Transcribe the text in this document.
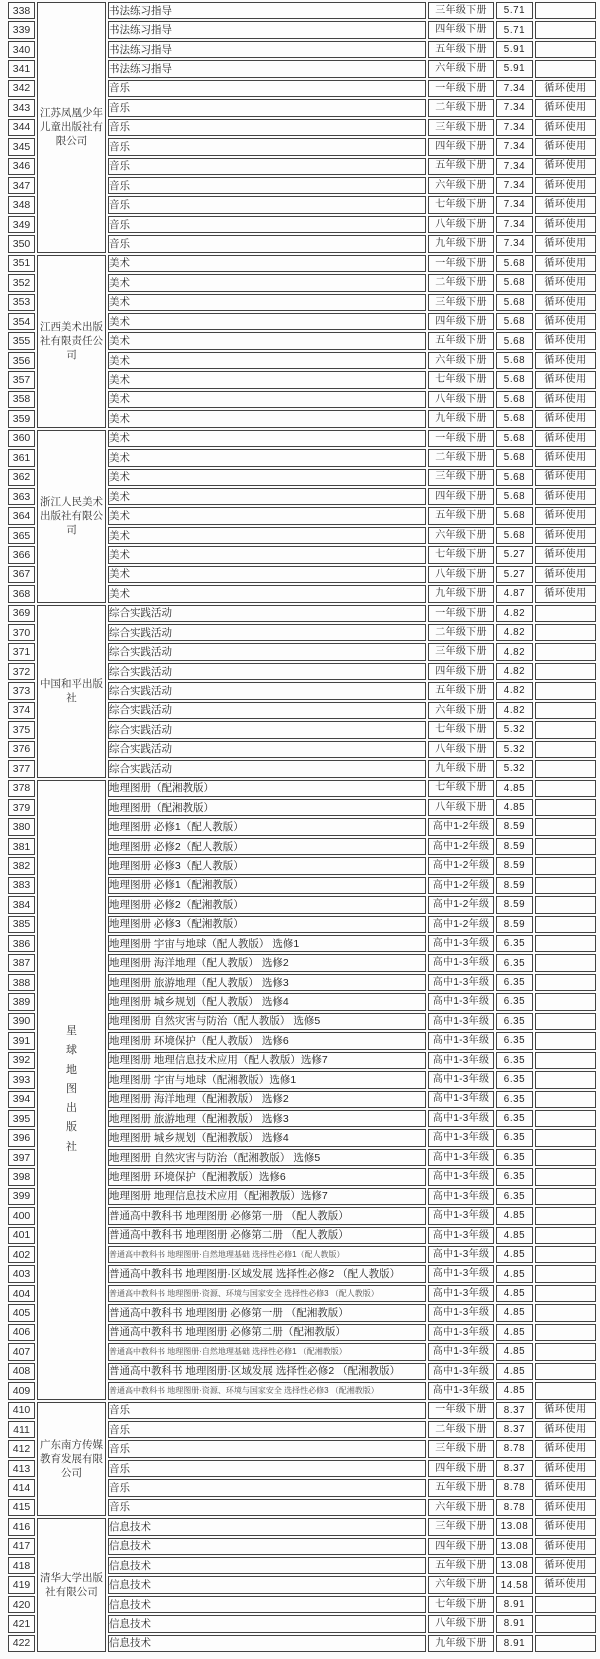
338	江苏凤凰少年儿童出版社有限公司	书法练习指导	三年级下册	5.71	
339		书法练习指导	四年级下册	5.71	
340		书法练习指导	五年级下册	5.91	
341		书法练习指导	六年级下册	5.91	
342		音乐	一年级下册	7.34	循环使用
343		音乐	二年级下册	7.34	循环使用
344		音乐	三年级下册	7.34	循环使用
345		音乐	四年级下册	7.34	循环使用
346		音乐	五年级下册	7.34	循环使用
347		音乐	六年级下册	7.34	循环使用
348		音乐	七年级下册	7.34	循环使用
349		音乐	八年级下册	7.34	循环使用
350		音乐	九年级下册	7.34	循环使用
351	江西美术出版社有限责任公司	美术	一年级下册	5.68	循环使用
352		美术	二年级下册	5.68	循环使用
353		美术	三年级下册	5.68	循环使用
354		美术	四年级下册	5.68	循环使用
355		美术	五年级下册	5.68	循环使用
356		美术	六年级下册	5.68	循环使用
357		美术	七年级下册	5.68	循环使用
358		美术	八年级下册	5.68	循环使用
359		美术	九年级下册	5.68	循环使用
360	浙江人民美术出版社有限公司	美术	一年级下册	5.68	循环使用
361		美术	二年级下册	5.68	循环使用
362		美术	三年级下册	5.68	循环使用
363		美术	四年级下册	5.68	循环使用
364		美术	五年级下册	5.68	循环使用
365		美术	六年级下册	5.68	循环使用
366		美术	七年级下册	5.27	循环使用
367		美术	八年级下册	5.27	循环使用
368		美术	九年级下册	4.87	循环使用
369	中国和平出版社	综合实践活动	一年级下册	4.82	
370		综合实践活动	二年级下册	4.82	
371		综合实践活动	三年级下册	4.82	
372		综合实践活动	四年级下册	4.82	
373		综合实践活动	五年级下册	4.82	
374		综合实践活动	六年级下册	4.82	
375		综合实践活动	七年级下册	5.32	
376		综合实践活动	八年级下册	5.32	
377		综合实践活动	九年级下册	5.32	
378	星球地图出版社	地理图册（配湘教版）	七年级下册	4.85	
379		地理图册（配湘教版）	八年级下册	4.85	
380		地理图册 必修1（配人教版）	高中1-2年级	8.59	
381		地理图册 必修2（配人教版）	高中1-2年级	8.59	
382		地理图册 必修3（配人教版）	高中1-2年级	8.59	
383		地理图册 必修1（配湘教版）	高中1-2年级	8.59	
384		地理图册 必修2（配湘教版）	高中1-2年级	8.59	
385		地理图册 必修3（配湘教版）	高中1-2年级	8.59	
386		地理图册 宇宙与地球（配人教版） 选修1	高中1-3年级	6.35	
387		地理图册 海洋地理（配人教版） 选修2	高中1-3年级	6.35	
388		地理图册 旅游地理（配人教版） 选修3	高中1-3年级	6.35	
389		地理图册 城乡规划（配人教版） 选修4	高中1-3年级	6.35	
390		地理图册 自然灾害与防治（配人教版） 选修5	高中1-3年级	6.35	
391		地理图册 环境保护（配人教版） 选修6	高中1-3年级	6.35	
392		地理图册 地理信息技术应用（配人教版）选修7	高中1-3年级	6.35	
393		地理图册 宇宙与地球（配湘教版）选修1	高中1-3年级	6.35	
394		地理图册 海洋地理（配湘教版） 选修2	高中1-3年级	6.35	
395		地理图册 旅游地理（配湘教版） 选修3	高中1-3年级	6.35	
396		地理图册 城乡规划（配湘教版） 选修4	高中1-3年级	6.35	
397		地理图册 自然灾害与防治（配湘教版） 选修5	高中1-3年级	6.35	
398		地理图册 环境保护（配湘教版）选修6	高中1-3年级	6.35	
399		地理图册 地理信息技术应用（配湘教版）选修7	高中1-3年级	6.35	
400		普通高中教科书 地理图册 必修第一册 （配人教版）	高中1-3年级	4.85	
401		普通高中教科书 地理图册 必修第二册 （配人教版）	高中1-3年级	4.85	
402		普通高中教科书 地理图册·自然地理基础 选择性必修1（配人教版）	高中1-3年级	4.85	
403		普通高中教科书 地理图册·区域发展 选择性必修2 （配人教版）	高中1-3年级	4.85	
404		普通高中教科书 地理图册·资源、环境与国家安全 选择性必修3 （配人教版）	高中1-3年级	4.85	
405		普通高中教科书 地理图册 必修第一册 （配湘教版）	高中1-3年级	4.85	
406		普通高中教科书 地理图册 必修第二册（配湘教版）	高中1-3年级	4.85	
407		普通高中教科书 地理图册·自然地理基础 选择性必修1 （配湘教版）	高中1-3年级	4.85	
408		普通高中教科书 地理图册·区域发展 选择性必修2 （配湘教版）	高中1-3年级	4.85	
409		普通高中教科书 地理图册·资源、环境与国家安全 选择性必修3 （配湘教版）	高中1-3年级	4.85	
410	广东南方传媒教育发展有限公司	音乐	一年级下册	8.37	循环使用
411		音乐	二年级下册	8.37	循环使用
412		音乐	三年级下册	8.78	循环使用
413		音乐	四年级下册	8.37	循环使用
414		音乐	五年级下册	8.78	循环使用
415		音乐	六年级下册	8.78	循环使用
416	清华大学出版社有限公司	信息技术	三年级下册	13.08	循环使用
417		信息技术	四年级下册	13.08	循环使用
418		信息技术	五年级下册	13.08	循环使用
419		信息技术	六年级下册	14.58	循环使用
420		信息技术	七年级下册	8.91	
421		信息技术	八年级下册	8.91	
422		信息技术	九年级下册	8.91	
